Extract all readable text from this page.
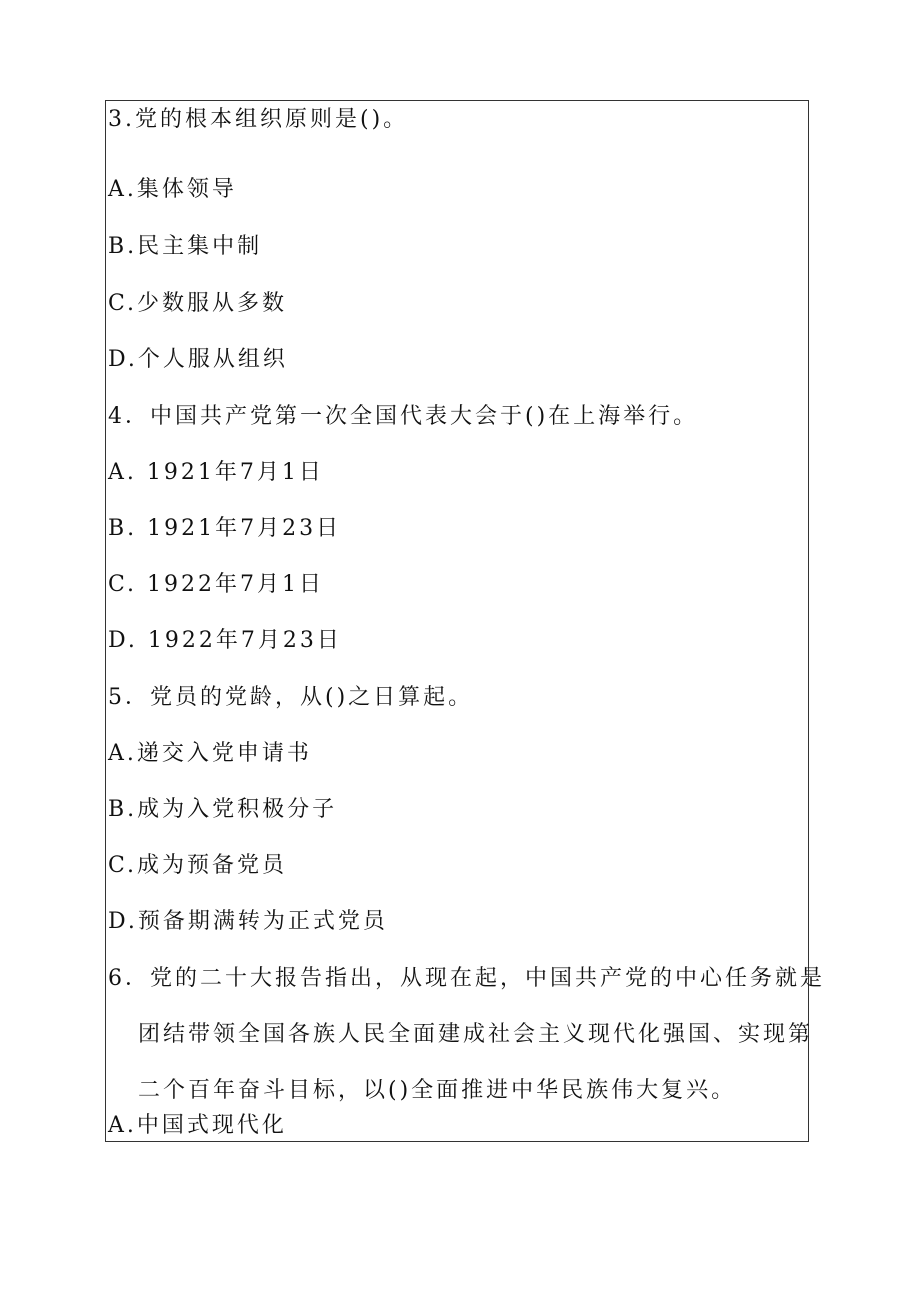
3.党的根本组织原则是()。
A.集体领导
B.民主集中制
C.少数服从多数
D.个人服从组织
4．中国共产党第一次全国代表大会于()在上海举行。
A. 1921年7月1日
B. 1921年7月23日
C. 1922年7月1日
D. 1922年7月23日
5．党员的党龄，从()之日算起。
A.递交入党申请书
B.成为入党积极分子
C.成为预备党员
D.预备期满转为正式党员
6．党的二十大报告指出，从现在起，中国共产党的中心任务就是
团结带领全国各族人民全面建成社会主义现代化强国、实现第
二个百年奋斗目标，以()全面推进中华民族伟大复兴。
A.中国式现代化
